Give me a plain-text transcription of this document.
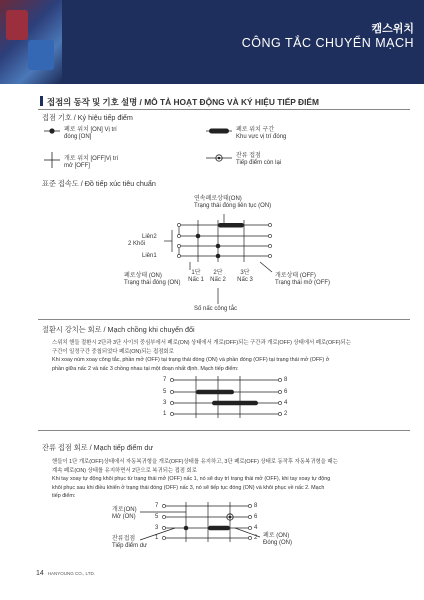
캠스위치
CÔNG TẮC CHUYỂN MẠCH
접점의 동작 및 기호 설명 / MÔ TẢ HOẠT ĐỘNG VÀ KÝ HIỆU TIẾP ĐIỂM
접점 기호 / Ký hiệu tiếp điểm
폐로 위치 [ON] Vị trí
đóng [ON]
폐로 위치 구간
Khu vực vị trí đóng
개로 위치 [OFF]Vị trí
mở [OFF]
잔류 접점
Tiếp điểm còn lại
표준 접속도 / Đồ tiếp xúc tiêu chuẩn
연속폐로상태(ON)
Trạng thái đóng liên tục (ON)
Liên2
2 Khối
Liên1
폐로상태 (ON)
Trạng thái đóng (ON)
1단
Nấc 1
2단
Nấc 2
3단
Nấc 3
개로상태 (OFF)
Trạng thái mở (OFF)
Số nấc công tắc
절환시 강치는 회로 / Mạch chồng khi chuyển đổi
스위치 핸들 절환시 2단과 3단 사이의 중심부에서 폐로(ON) 상태에서 개로(OFF)되는 구간과 개로(OFF) 상태에서 폐로(OFF)되는
구간이 일정구간 중첩되었다 폐로(ON)되는 접점회로
Khi xoay núm xoay công tắc, phần mở (OFF) tại trạng thái đóng (ON) và phần đóng (OFF) tại trạng thái mở (OFF) ở
phần giữa nấc 2 và nấc 3 chồng nhau tại một đoạn nhất định. Mạch tiếp điểm:
7
5
3
1
8
6
4
2
잔류 접점 회로 / Mạch tiếp điểm dư
핸들이 1단 개로(OFF)상태에서 자동복귀형을 개로(OFF)상태를 유지하고, 3단 폐로(OFF) 상태로 동작후 자동복귀형을 때는
계속 폐로(ON) 상태를 유지하면서 2단으로 복귀되는 접점 회로
Khi tay xoay tự động khôi phục từ trạng thái mở (OFF) nấc 1, nó sẽ duy trì trạng thái mở (OFF), khi tay xoay tự động
khôi phục sau khi điều khiển ở trạng thái đóng (OFF) nấc 3, nó sẽ tiếp tục đóng (ON) và khôi phục về nấc 2. Mạch
tiếp điểm:
개로(ON)
Mở (ON)
잔류접점
Tiếp điểm dư
폐로 (ON)
Đóng (ON)
7
5
3
1
8
6
4
2
14 HANYOUNG CO., LTD.
